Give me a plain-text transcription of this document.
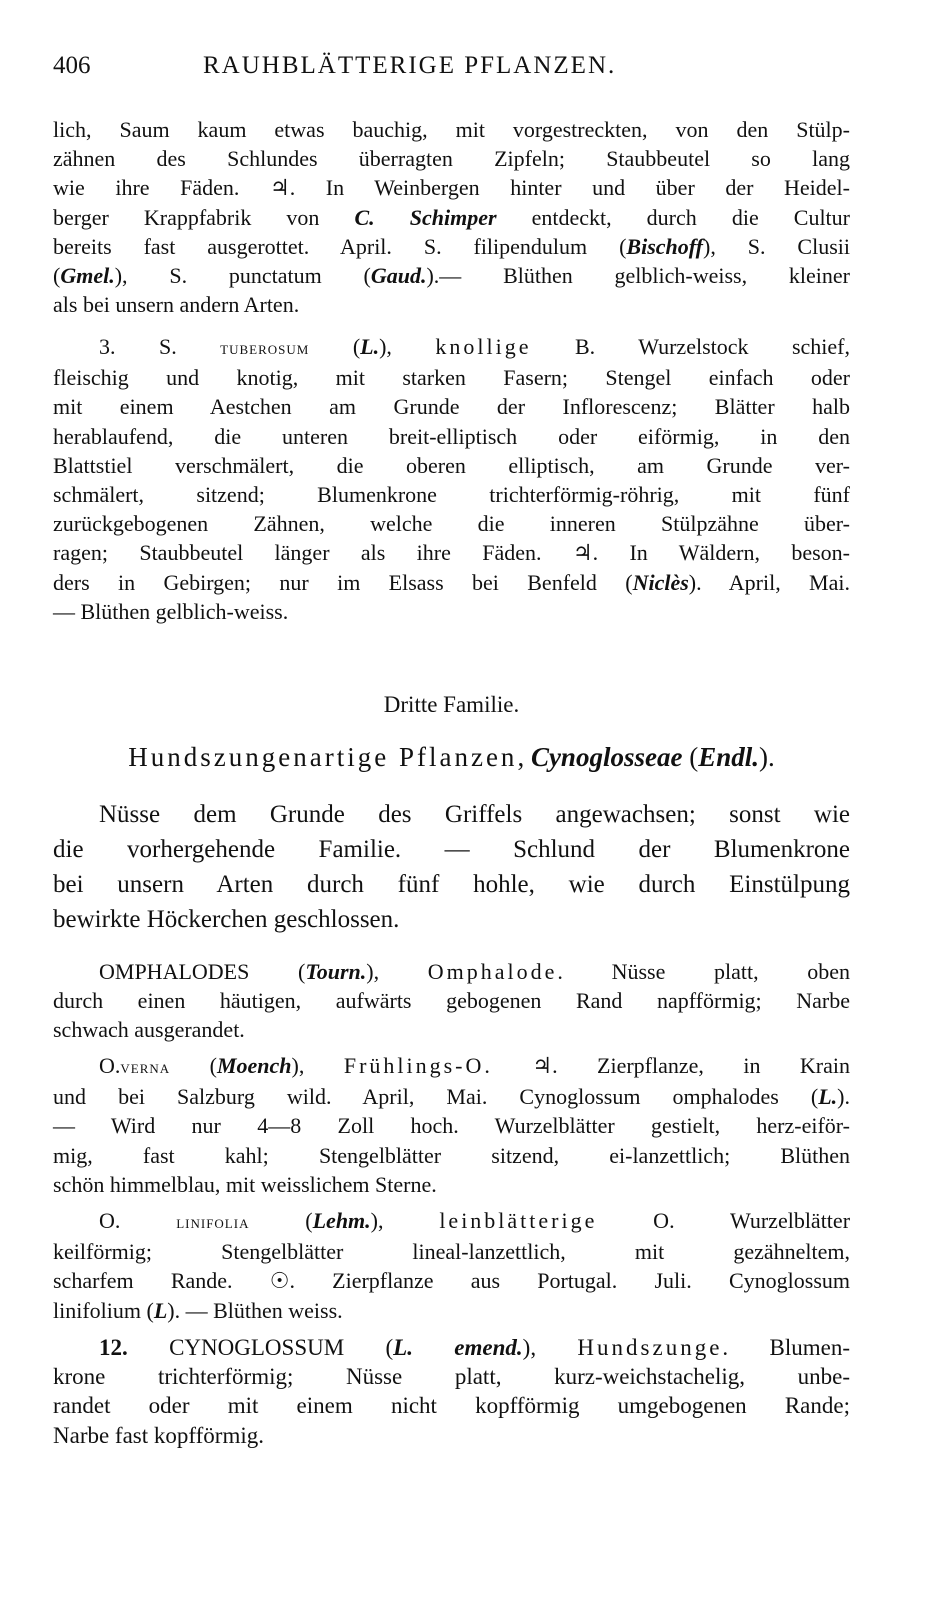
406	RAUHBLÄTTERIGE PFLANZEN.
lich, Saum kaum etwas bauchig, mit vorgestreckten, von den Stülp-
zähnen des Schlundes überragten Zipfeln; Staubbeutel so lang
wie ihre Fäden. ♃. In Weinbergen hinter und über der Heidel-
berger Krappfabrik von C. Schimper entdeckt, durch die Cultur
bereits fast ausgerottet. April. S. filipendulum (Bischoff), S. Clusii
(Gmel.), S. punctatum (Gaud.).— Blüthen gelblich-weiss, kleiner
als bei unsern andern Arten.
3. S. tuberosum (L.), knollige B. Wurzelstock schief,
fleischig und knotig, mit starken Fasern; Stengel einfach oder
mit einem Aestchen am Grunde der Inflorescenz; Blätter halb
herablaufend, die unteren breit-elliptisch oder eiförmig, in den
Blattstiel verschmälert, die oberen elliptisch, am Grunde ver-
schmälert, sitzend; Blumenkrone trichterförmig-röhrig, mit fünf
zurückgebogenen Zähnen, welche die inneren Stülpzähne über-
ragen; Staubbeutel länger als ihre Fäden. ♃. In Wäldern, beson-
ders in Gebirgen; nur im Elsass bei Benfeld (Niclès). April, Mai.
— Blüthen gelblich-weiss.
Dritte Familie.
Hundszungenartige Pflanzen, Cynoglosseae (Endl.).
Nüsse dem Grunde des Griffels angewachsen; sonst wie
die vorhergehende Familie. — Schlund der Blumenkrone
bei unsern Arten durch fünf hohle, wie durch Einstülpung
bewirkte Höckerchen geschlossen.
OMPHALODES (Tourn.), Omphalode. Nüsse platt, oben
durch einen häutigen, aufwärts gebogenen Rand napfförmig; Narbe
schwach ausgerandet.
O.verna (Moench), Frühlings-O. ♃. Zierpflanze, in Krain
und bei Salzburg wild. April, Mai. Cynoglossum omphalodes (L.).
— Wird nur 4—8 Zoll hoch. Wurzelblätter gestielt, herz-eiför-
mig, fast kahl; Stengelblätter sitzend, ei-lanzettlich; Blüthen
schön himmelblau, mit weisslichem Sterne.
O. linifolia (Lehm.), leinblätterige O. Wurzelblätter
keilförmig; Stengelblätter lineal-lanzettlich, mit gezähneltem,
scharfem Rande. ☉. Zierpflanze aus Portugal. Juli. Cynoglossum
linifolium (L). — Blüthen weiss.
12. CYNOGLOSSUM (L. emend.), Hundszunge. Blumen-
krone trichterförmig; Nüsse platt, kurz-weichstachelig, unbe-
randet oder mit einem nicht kopfförmig umgebogenen Rande;
Narbe fast kopfförmig.
